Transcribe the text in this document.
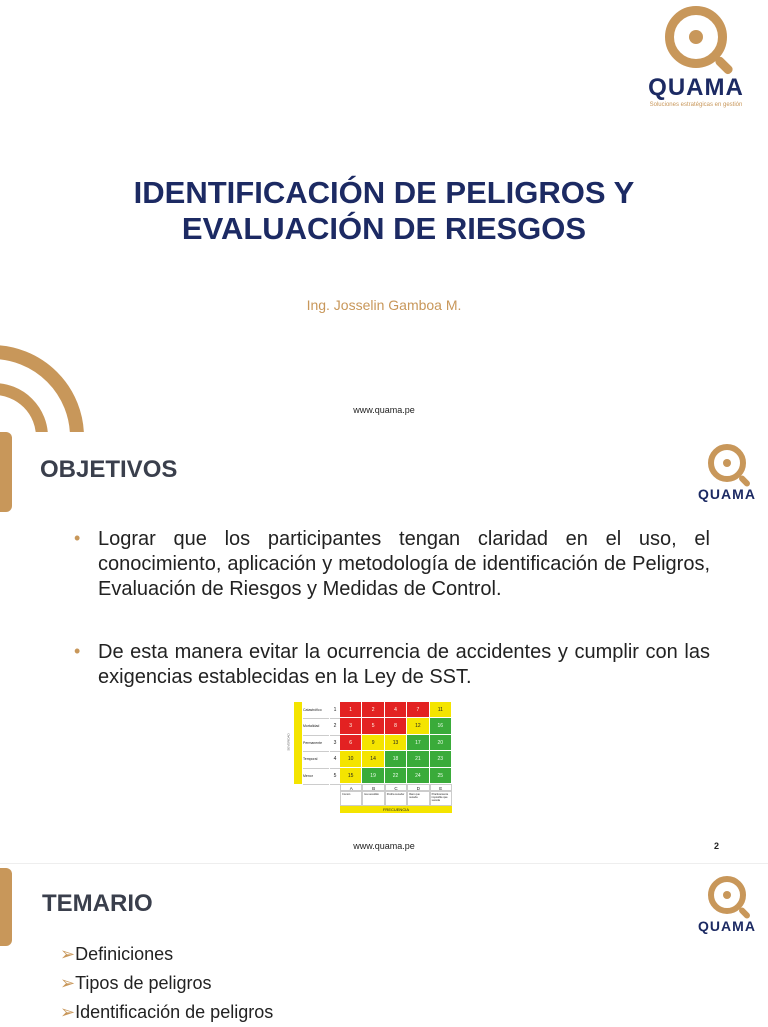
QUAMA
Soluciones estratégicas en gestión
IDENTIFICACIÓN DE PELIGROS Y
EVALUACIÓN DE RIESGOS
Ing. Josselin Gamboa M.
www.quama.pe
OBJETIVOS
QUAMA
• Lograr que los participantes tengan claridad en el uso, el conocimiento, aplicación y metodología de identificación de Peligros, Evaluación de Riesgos y Medidas de Control.
• De esta manera evitar la ocurrencia de accidentes y cumplir con las exigencias establecidas en la Ley de SST.
SEVERIDAD
FRECUENCIA
Catastrófico	1	1	2	4	7	11
Mortalidad	2	3	5	8	12	16
Permanente	3	6	9	13	17	20
Temporal	4	10	14	18	21	23
Menor	5	15	19	22	24	25
A
Común
B
Ha sucedido
C
Podría suceder
D
Raro que suceda
E
Prácticamente imposible que suceda
www.quama.pe	2
TEMARIO
QUAMA
➢Definiciones
➢Tipos de peligros
➢Identificación de peligros
